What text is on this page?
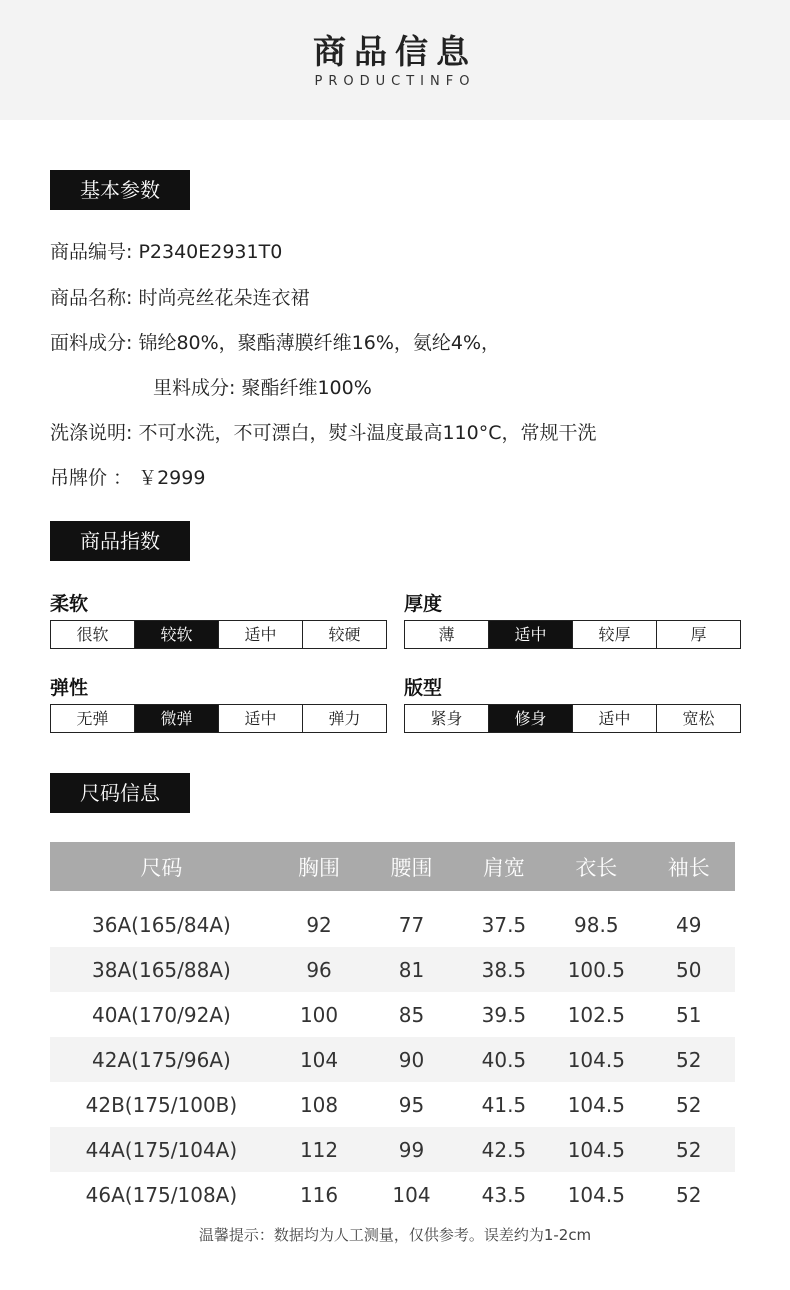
商品信息
PRODUCTINFO
基本参数
商品编号: P2340E2931T0
商品名称: 时尚亮丝花朵连衣裙
面料成分: 锦纶80%，聚酯薄膜纤维16%，氨纶4%，
里料成分: 聚酯纤维100%
洗涤说明: 不可水洗，不可漂白，熨斗温度最高110°C，常规干洗
吊牌价 ： ￥2999
商品指数
柔软
很软	较软	适中	较硬
厚度
薄	适中	较厚	厚
弹性
无弹	微弹	适中	弹力
版型
紧身	修身	适中	宽松
尺码信息
尺码	胸围	腰围	肩宽	衣长	袖长

36A(165/84A)	92	77	37.5	98.5	49
38A(165/88A)	96	81	38.5	100.5	50
40A(170/92A)	100	85	39.5	102.5	51
42A(175/96A)	104	90	40.5	104.5	52
42B(175/100B)	108	95	41.5	104.5	52
44A(175/104A)	112	99	42.5	104.5	52
46A(175/108A)	116	104	43.5	104.5	52
温馨提示：数据均为人工测量，仅供参考。误差约为1-2cm
